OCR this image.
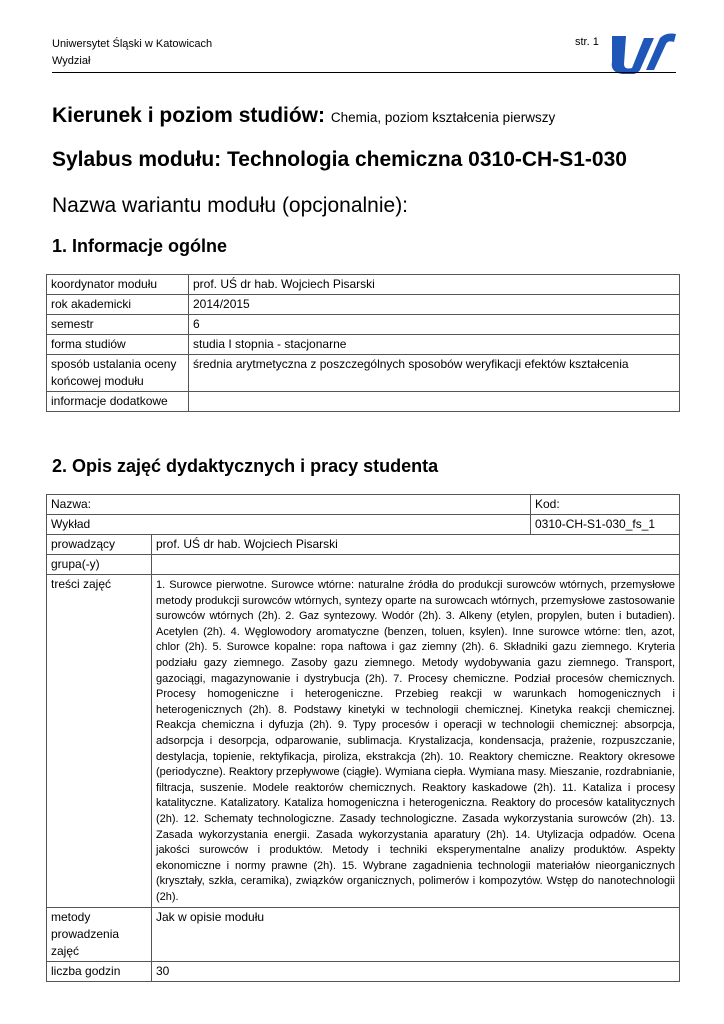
Uniwersytet Śląski w Katowicach
Wydział
str. 1
Kierunek i poziom studiów: Chemia, poziom kształcenia pierwszy
Sylabus modułu: Technologia chemiczna 0310-CH-S1-030
Nazwa wariantu modułu (opcjonalnie):
1. Informacje ogólne
koordynator modułu	prof. UŚ dr hab. Wojciech Pisarski
rok akademicki	2014/2015
semestr	6
forma studiów	studia I stopnia - stacjonarne
sposób ustalania oceny końcowej modułu	średnia arytmetyczna z poszczególnych sposobów weryfikacji efektów kształcenia
informacje dodatkowe	
2. Opis zajęć dydaktycznych i pracy studenta
Nazwa:		Kod:
Wykład		0310-CH-S1-030_fs_1
prowadzący	prof. UŚ dr hab. Wojciech Pisarski	
grupa(-y)		
treści zajęć	1. Surowce pierwotne. Surowce wtórne: naturalne źródła do produkcji surowców wtórnych, przemysłowe metody produkcji surowców wtórnych, syntezy oparte na surowcach wtórnych, przemysłowe zastosowanie surowców wtórnych (2h). 2. Gaz syntezowy. Wodór (2h). 3. Alkeny (etylen, propylen, buten i butadien). Acetylen (2h). 4. Węglowodory aromatyczne (benzen, toluen, ksylen). Inne surowce wtórne: tlen, azot, chlor (2h). 5. Surowce kopalne: ropa naftowa i gaz ziemny (2h). 6. Składniki gazu ziemnego. Kryteria podziału gazy ziemnego. Zasoby gazu ziemnego. Metody wydobywania gazu ziemnego. Transport, gazociągi, magazynowanie i dystrybucja (2h). 7. Procesy chemiczne. Podział procesów chemicznych. Procesy homogeniczne i heterogeniczne. Przebieg reakcji w warunkach homogenicznych i heterogenicznych (2h). 8. Podstawy kinetyki w technologii chemicznej. Kinetyka reakcji chemicznej. Reakcja chemiczna i dyfuzja (2h). 9. Typy procesów i operacji w technologii chemicznej: absorpcja, adsorpcja i desorpcja, odparowanie, sublimacja. Krystalizacja, kondensacja, prażenie, rozpuszczanie, destylacja, topienie, rektyfikacja, piroliza, ekstrakcja (2h). 10. Reaktory chemiczne. Reaktory okresowe (periodyczne). Reaktory przepływowe (ciągłe). Wymiana ciepła. Wymiana masy. Mieszanie, rozdrabnianie, filtracja, suszenie. Modele reaktorów chemicznych. Reaktory kaskadowe (2h). 11. Kataliza i procesy katalityczne. Katalizatory. Kataliza homogeniczna i heterogeniczna. Reaktory do procesów katalitycznych (2h). 12. Schematy technologiczne. Zasady technologiczne. Zasada wykorzystania surowców (2h). 13. Zasada wykorzystania energii. Zasada wykorzystania aparatury (2h). 14. Utylizacja odpadów. Ocena jakości surowców i produktów. Metody i techniki eksperymentalne analizy produktów. Aspekty ekonomiczne i normy prawne (2h). 15. Wybrane zagadnienia technologii materiałów nieorganicznych (kryształy, szkła, ceramika), związków organicznych, polimerów i kompozytów. Wstęp do nanotechnologii (2h).	
metody prowadzenia zajęć	Jak w opisie modułu	
liczba godzin	30	
